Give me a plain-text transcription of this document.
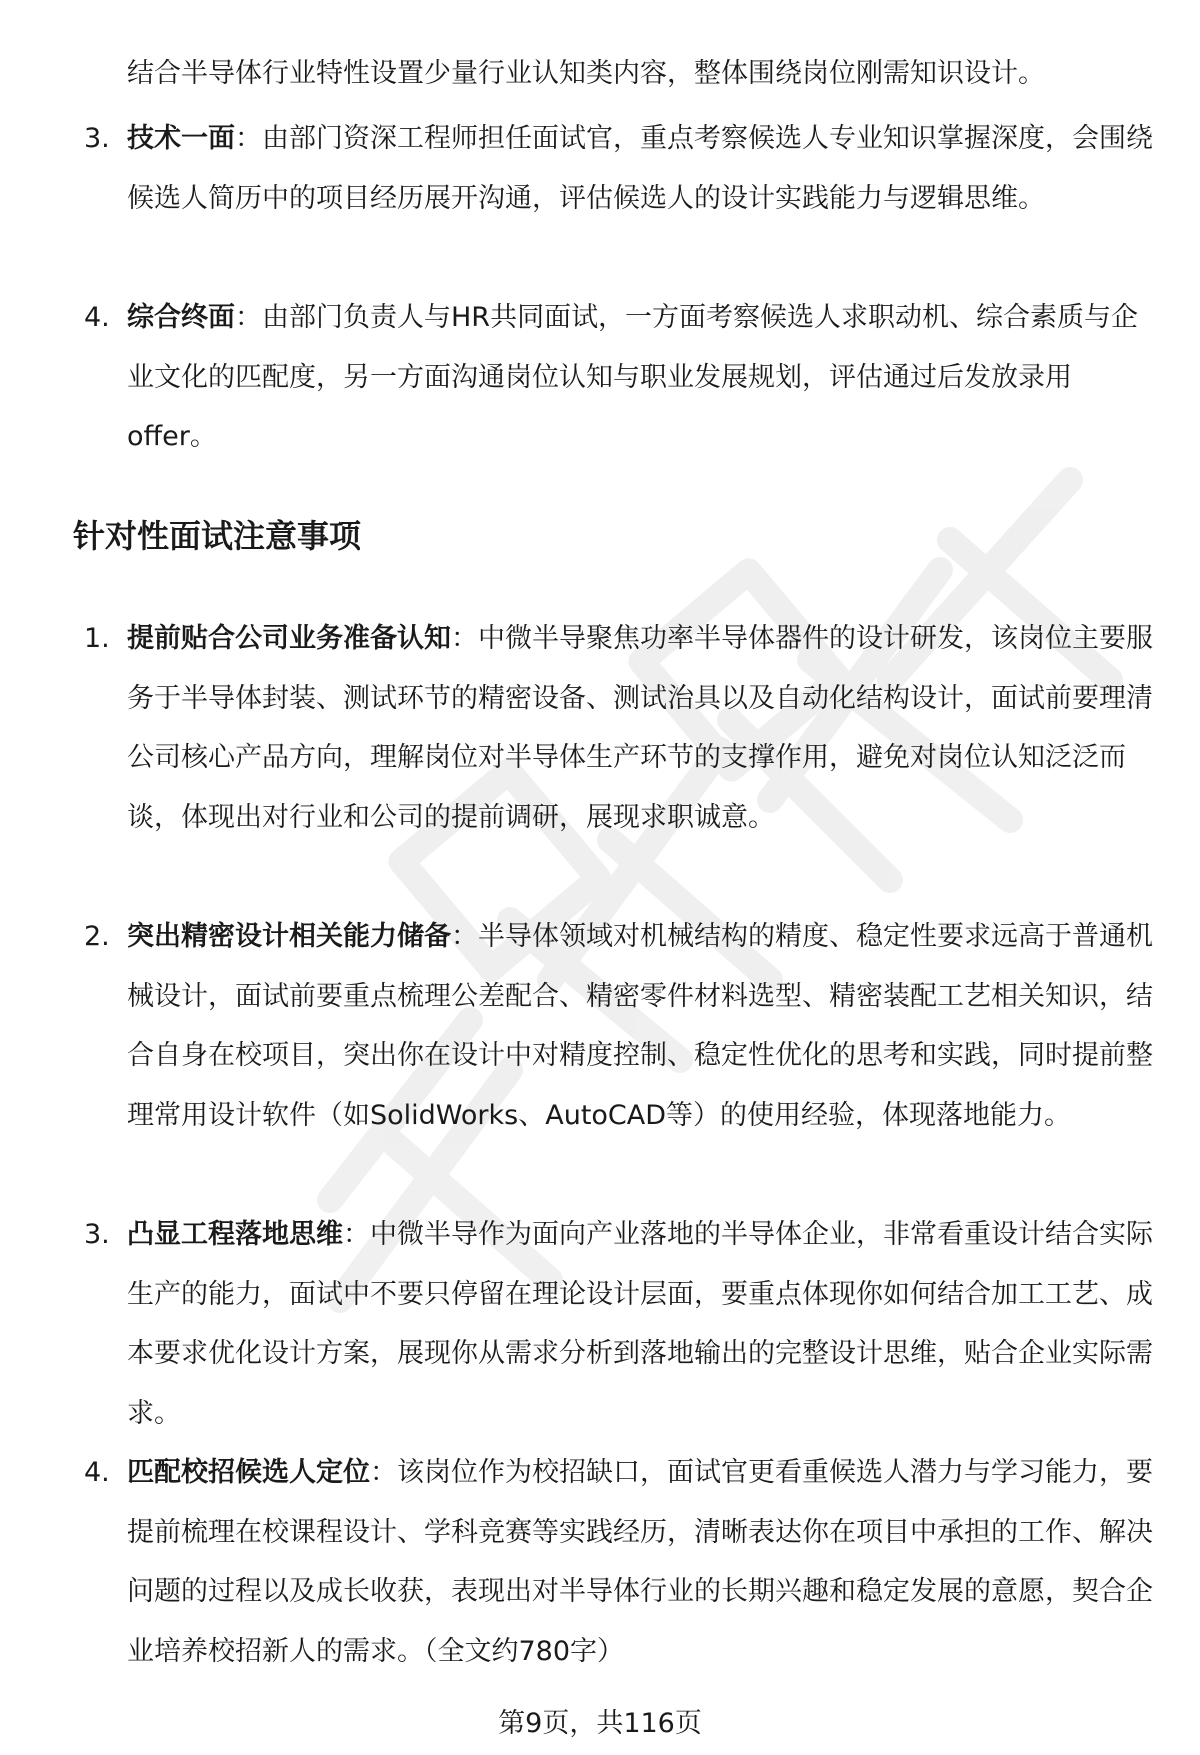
结合半导体行业特性设置少量行业认知类内容，整体围绕岗位刚需知识设计。
3. 技术一面：由部门资深工程师担任面试官，重点考察候选人专业知识掌握深度，会围绕候选人简历中的项目经历展开沟通，评估候选人的设计实践能力与逻辑思维。
4. 综合终面：由部门负责人与HR共同面试，一方面考察候选人求职动机、综合素质与企业文化的匹配度，另一方面沟通岗位认知与职业发展规划，评估通过后发放录用offer。
针对性面试注意事项
1. 提前贴合公司业务准备认知：中微半导聚焦功率半导体器件的设计研发，该岗位主要服务于半导体封装、测试环节的精密设备、测试治具以及自动化结构设计，面试前要理清公司核心产品方向，理解岗位对半导体生产环节的支撑作用，避免对岗位认知泛泛而谈，体现出对行业和公司的提前调研，展现求职诚意。
2. 突出精密设计相关能力储备：半导体领域对机械结构的精度、稳定性要求远高于普通机械设计，面试前要重点梳理公差配合、精密零件材料选型、精密装配工艺相关知识，结合自身在校项目，突出你在设计中对精度控制、稳定性优化的思考和实践，同时提前整理常用设计软件（如SolidWorks、AutoCAD等）的使用经验，体现落地能力。
3. 凸显工程落地思维：中微半导作为面向产业落地的半导体企业，非常看重设计结合实际生产的能力，面试中不要只停留在理论设计层面，要重点体现你如何结合加工工艺、成本要求优化设计方案，展现你从需求分析到落地输出的完整设计思维，贴合企业实际需求。
4. 匹配校招候选人定位：该岗位作为校招缺口，面试官更看重候选人潜力与学习能力，要提前梳理在校课程设计、学科竞赛等实践经历，清晰表达你在项目中承担的工作、解决问题的过程以及成长收获，表现出对半导体行业的长期兴趣和稳定发展的意愿，契合企业培养校招新人的需求。（全文约780字）
第9页，共116页
